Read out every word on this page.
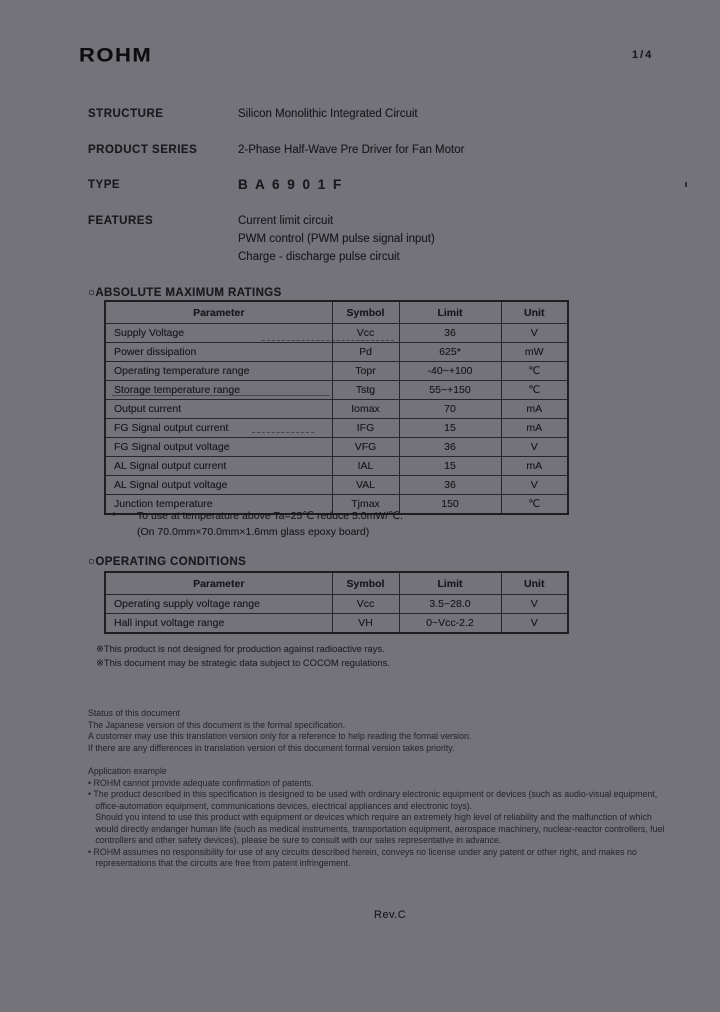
ROHM	1/4
STRUCTURE	Silicon Monolithic Integrated Circuit
PRODUCT SERIES	2-Phase Half-Wave Pre Driver for Fan Motor
TYPE	B A 6 9 0 1 F
FEATURES	Current limit circuit
PWM control (PWM pulse signal input)
Charge - discharge pulse circuit
○ABSOLUTE MAXIMUM RATINGS
Parameter	Symbol	Limit	Unit
Supply Voltage	Vcc	36	V
Power dissipation	Pd	625*	mW
Operating temperature range	Topr	-40~+100	℃
Storage temperature range	Tstg	55~+150	℃
Output current	Iomax	70	mA
FG Signal output current	IFG	15	mA
FG Signal output voltage	VFG	36	V
AL Signal output current	IAL	15	mA
AL Signal output voltage	VAL	36	V
Junction temperature	Tjmax	150	℃
* To use at temperature above Ta=25℃ reduce 5.0mW/℃.
(On 70.0mm×70.0mm×1.6mm glass epoxy board)
○OPERATING CONDITIONS
Parameter	Symbol	Limit	Unit
Operating supply voltage range	Vcc	3.5~28.0	V
Hall input voltage range	VH	0~Vcc-2.2	V
※This product is not designed for production against radioactive rays.
※This document may be strategic data subject to COCOM regulations.
Status of this document
The Japanese version of this document is the formal specification.
A customer may use this translation version only for a reference to help reading the formal version.
If there are any differences in translation version of this document formal version takes priority.
Application example
• ROHM cannot provide adequate confirmation of patents.
• The product described in this specification is designed to be used with ordinary electronic equipment or devices (such as audio-visual equipment,
office-automation equipment, communications devices, electrical appliances and electronic toys).
Should you intend to use this product with equipment or devices which require an extremely high level of reliability and the malfunction of which
would directly endanger human life (such as medical instruments, transportation equipment, aerospace machinery, nuclear-reactor controllers, fuel
controllers and other safety devices), please be sure to consult with our sales representative in advance.
• ROHM assumes no responsibility for use of any circuits described herein, conveys no license under any patent or other right, and makes no
representations that the circuits are free from patent infringement.
Rev.C
